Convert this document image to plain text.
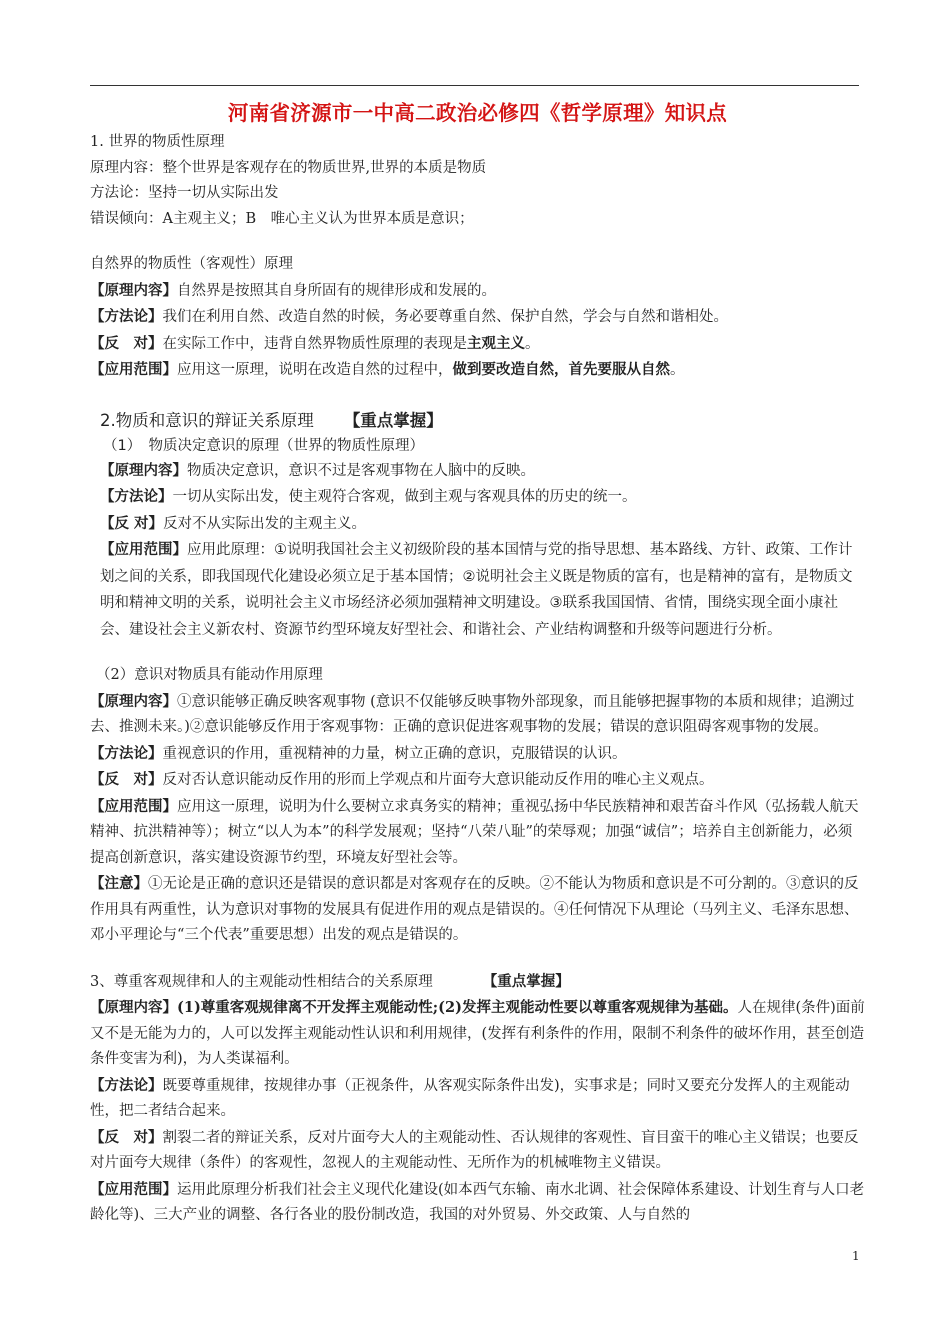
河南省济源市一中高二政治必修四《哲学原理》知识点
1. 世界的物质性原理
原理内容：整个世界是客观存在的物质世界,世界的本质是物质
方法论：坚持一切从实际出发
错误倾向：A主观主义；B　唯心主义认为世界本质是意识；
自然界的物质性（客观性）原理
【原理内容】自然界是按照其自身所固有的规律形成和发展的。
【方法论】我们在利用自然、改造自然的时候，务必要尊重自然、保护自然，学会与自然和谐相处。
【反　对】在实际工作中，违背自然界物质性原理的表现是主观主义。
【应用范围】应用这一原理，说明在改造自然的过程中，做到要改造自然，首先要服从自然。
2.物质和意识的辩证关系原理 【重点掌握】
（1）　物质决定意识的原理（世界的物质性原理）
【原理内容】物质决定意识，意识不过是客观事物在人脑中的反映。
【方法论】一切从实际出发，使主观符合客观，做到主观与客观具体的历史的统一。
【反 对】反对不从实际出发的主观主义。
【应用范围】应用此原理：①说明我国社会主义初级阶段的基本国情与党的指导思想、基本路线、方针、政策、工作计划之间的关系，即我国现代化建设必须立足于基本国情；②说明社会主义既是物质的富有，也是精神的富有，是物质文明和精神文明的关系，说明社会主义市场经济必须加强精神文明建设。③联系我国国情、省情，围绕实现全面小康社会、建设社会主义新农村、资源节约型环境友好型社会、和谐社会、产业结构调整和升级等问题进行分析。
（2）意识对物质具有能动作用原理
【原理内容】①意识能够正确反映客观事物 (意识不仅能够反映事物外部现象，而且能够把握事物的本质和规律；追溯过去、推测未来。)②意识能够反作用于客观事物：正确的意识促进客观事物的发展；错误的意识阻碍客观事物的发展。
【方法论】重视意识的作用，重视精神的力量，树立正确的意识，克服错误的认识。
【反　对】反对否认意识能动反作用的形而上学观点和片面夸大意识能动反作用的唯心主义观点。
【应用范围】应用这一原理，说明为什么要树立求真务实的精神；重视弘扬中华民族精神和艰苦奋斗作风（弘扬载人航天精神、抗洪精神等）；树立“以人为本”的科学发展观；坚持“八荣八耻”的荣辱观；加强“诚信”；培养自主创新能力，必须提高创新意识，落实建设资源节约型，环境友好型社会等。
【注意】①无论是正确的意识还是错误的意识都是对客观存在的反映。②不能认为物质和意识是不可分割的。③意识的反作用具有两重性，认为意识对事物的发展具有促进作用的观点是错误的。④任何情况下从理论（马列主义、毛泽东思想、邓小平理论与“三个代表”重要思想）出发的观点是错误的。
3、尊重客观规律和人的主观能动性相结合的关系原理	【重点掌握】
【原理内容】(1)尊重客观规律离不开发挥主观能动性;(2)发挥主观能动性要以尊重客观规律为基础。人在规律(条件)面前又不是无能为力的，人可以发挥主观能动性认识和利用规律，(发挥有利条件的作用，限制不利条件的破坏作用，甚至创造条件变害为利)，为人类谋福利。
【方法论】既要尊重规律，按规律办事（正视条件，从客观实际条件出发)，实事求是；同时又要充分发挥人的主观能动性，把二者结合起来。
【反　对】割裂二者的辩证关系，反对片面夸大人的主观能动性、否认规律的客观性、盲目蛮干的唯心主义错误；也要反对片面夸大规律（条件）的客观性，忽视人的主观能动性、无所作为的机械唯物主义错误。
【应用范围】运用此原理分析我们社会主义现代化建设(如本西气东输、南水北调、社会保障体系建设、计划生育与人口老龄化等)、三大产业的调整、各行各业的股份制改造，我国的对外贸易、外交政策、人与自然的
1
